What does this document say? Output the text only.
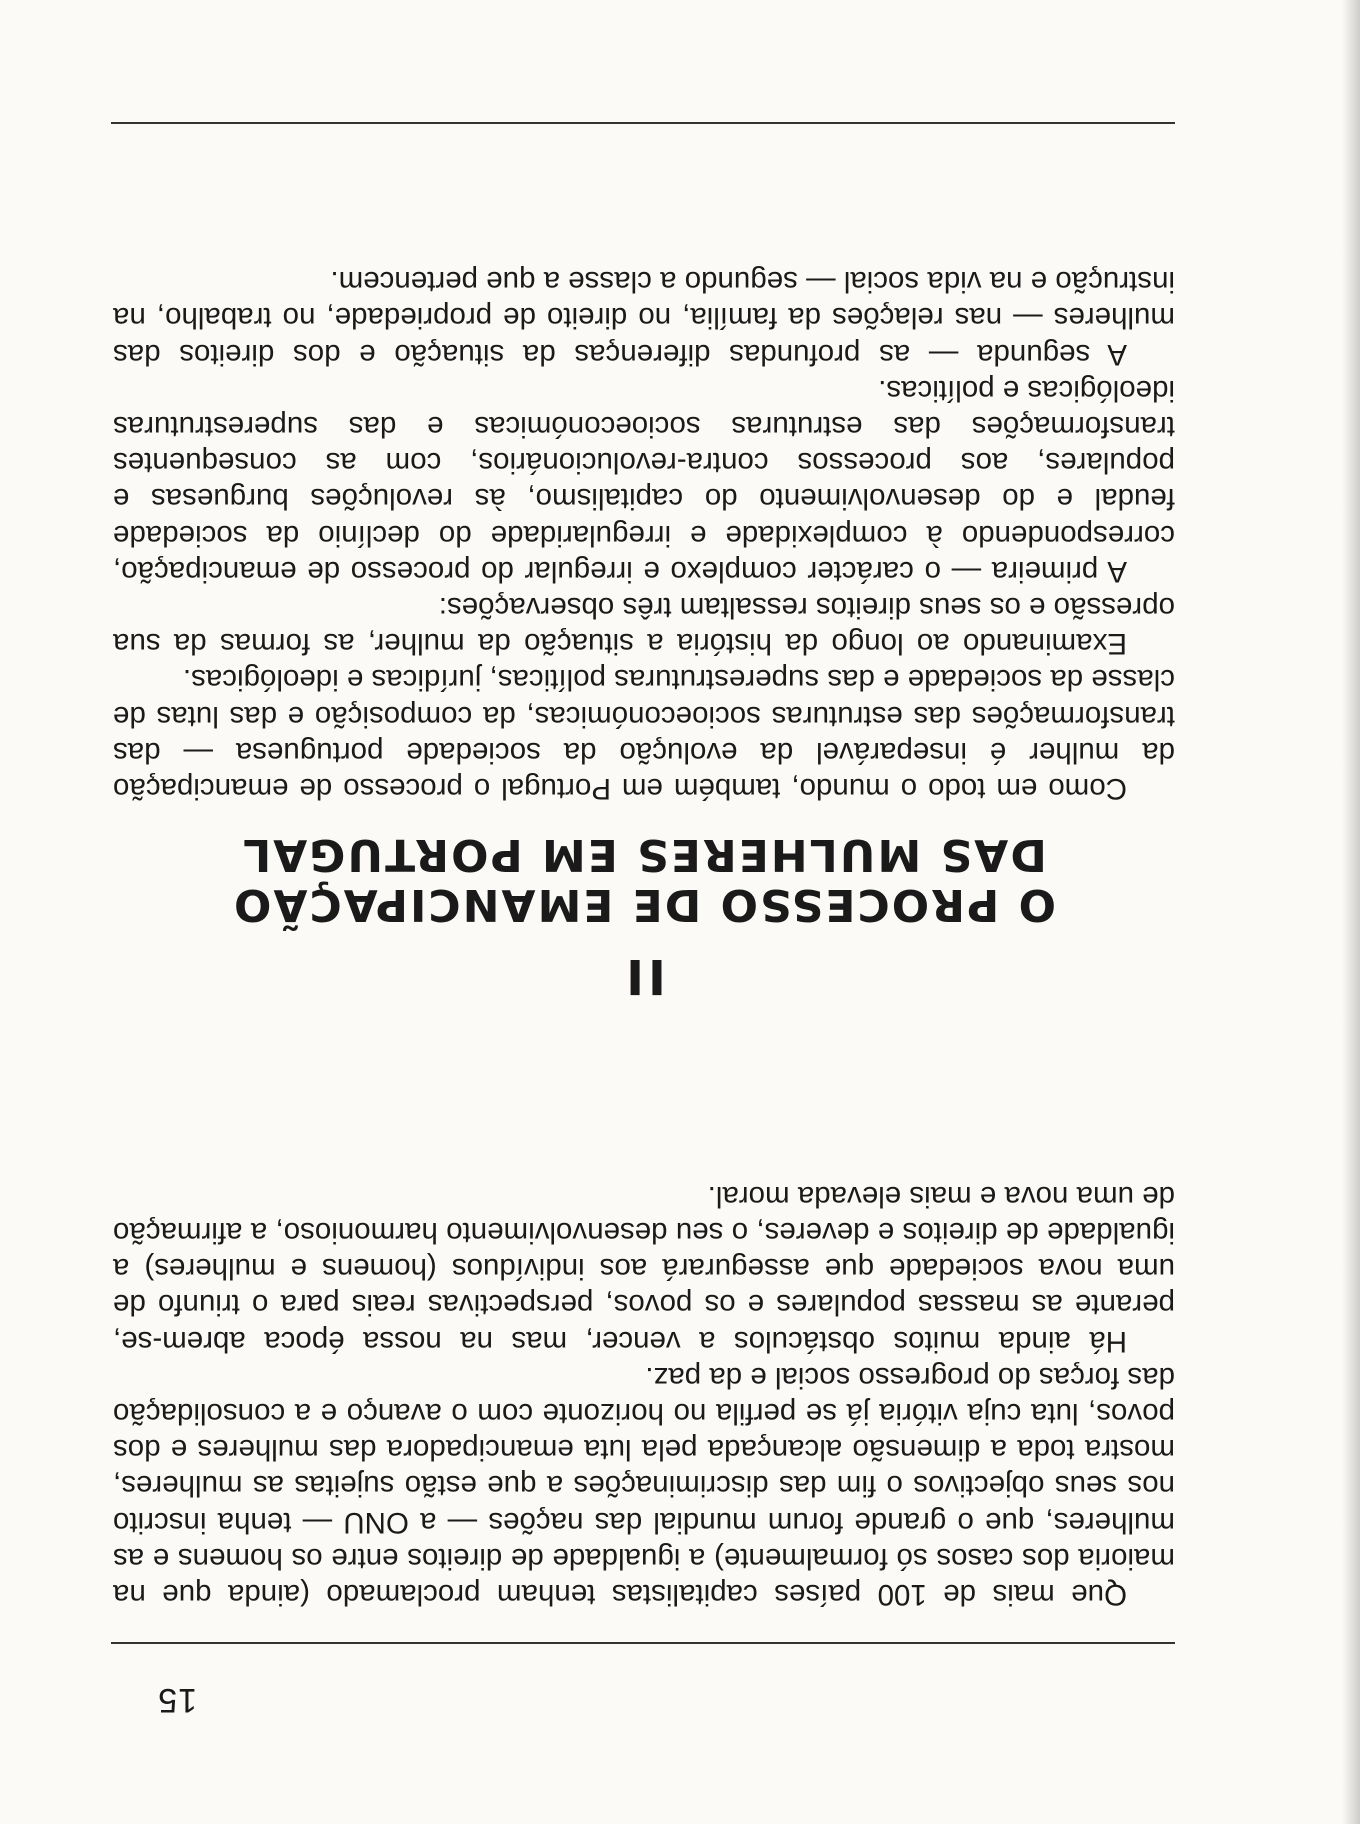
15

Que mais de 100 países capitalistas tenham proclamado (ainda que na maioria dos casos só formalmente) a igualdade de direitos entre os homens e as mulheres, que o grande forum mundial das nações — a ONU — tenha inscrito nos seus objectivos o fim das discriminações a que estão sujeitas as mulheres, mostra toda a dimensão alcançada pela luta emancipadora das mulheres e dos povos, luta cuja vitória já se perfila no horizonte com o avanço e a consolidação das forças do progresso social e da paz.

Há ainda muitos obstáculos a vencer, mas na nossa época abrem-se, perante as massas populares e os povos, perspectivas reais para o triunfo de uma nova sociedade que assegurará aos indivíduos (homens e mulheres) a igualdade de direitos e deveres, o seu desenvolvimento harmonioso, a afirmação de uma nova e mais elevada moral.

II
O PROCESSO DE EMANCIPAÇÃO
DAS MULHERES EM PORTUGAL

Como em todo o mundo, também em Portugal o processo de emancipação da mulher é inseparável da evolução da sociedade portuguesa — das transformações das estruturas socioeconómicas, da composição e das lutas de classe da sociedade e das superestruturas políticas, jurídicas e ideológicas.

Examinando ao longo da história a situação da mulher, as formas da sua opressão e os seus direitos ressaltam três observações:

A primeira — o carácter complexo e irregular do processo de emancipação, correspondendo à complexidade e irregularidade do declínio da sociedade feudal e do desenvolvimento do capitalismo, às revoluções burguesas e populares, aos processos contra-revolucionários, com as consequentes transformações das estruturas socioeconómicas e das superestruturas ideológicas e políticas.

A segunda — as profundas diferenças da situação e dos direitos das mulheres — nas relações da família, no direito de propriedade, no trabalho, na instrução e na vida social — segundo a classe a que pertencem.
